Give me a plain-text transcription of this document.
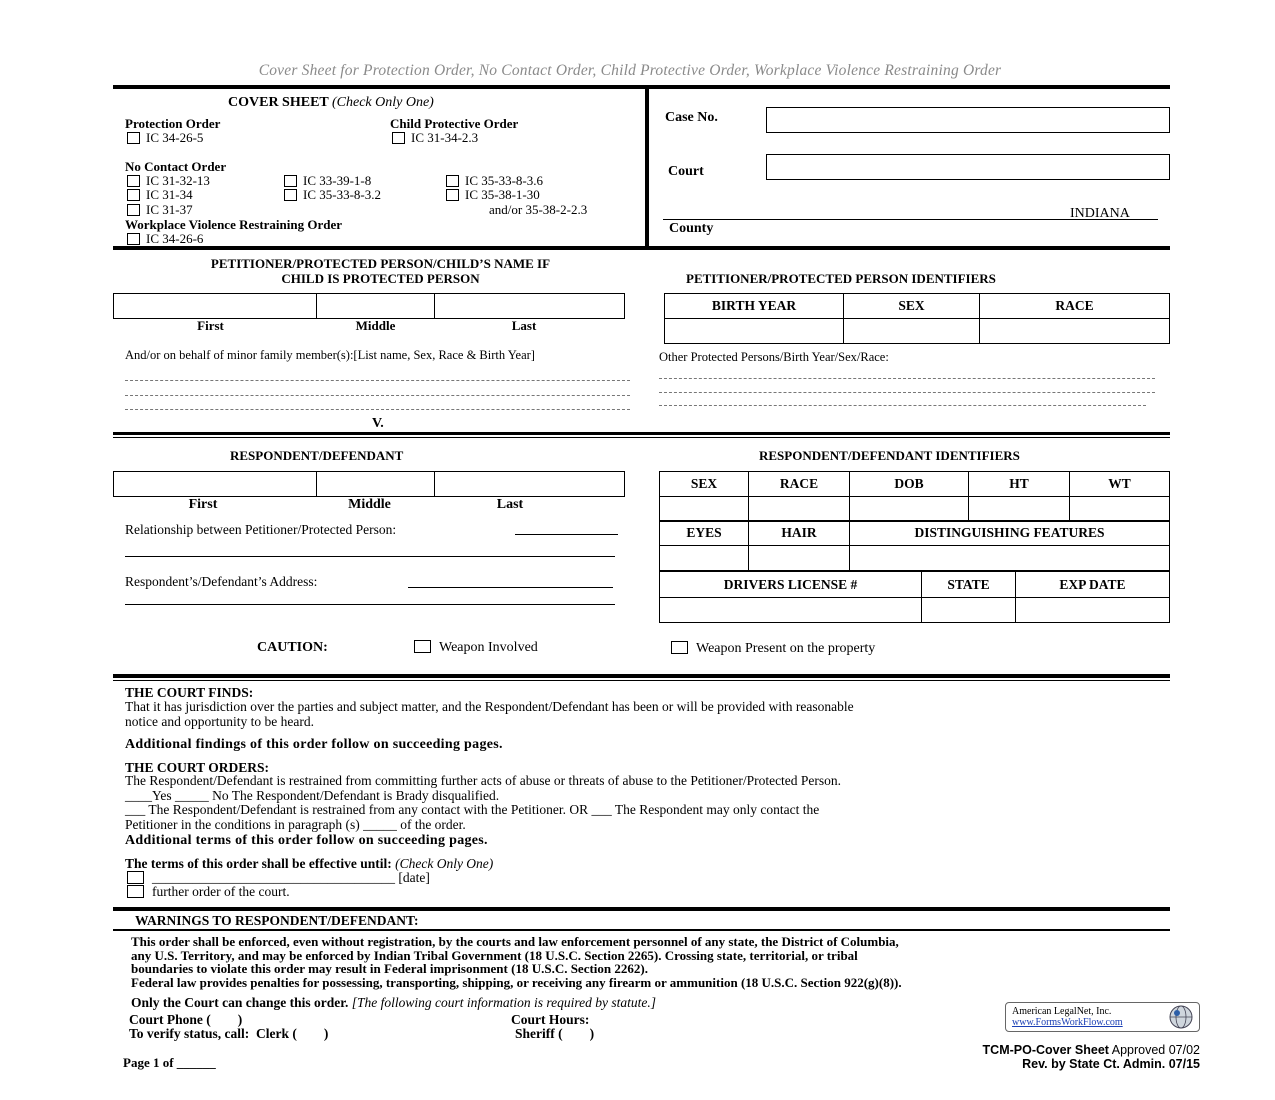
Cover Sheet for Protection Order, No Contact Order, Child Protective Order, Workplace Violence Restraining Order
COVER SHEET (Check Only One)
Protection Order
IC 34-26-5
Child Protective Order
IC 31-34-2.3
No Contact Order
IC 31-32-13
IC 31-34
IC 31-37
IC 33-39-1-8
IC 35-33-8-3.2
IC 35-33-8-3.6
IC 35-38-1-30
and/or 35-38-2-2.3
Workplace Violence Restraining Order
IC 34-26-6
Case No.
Court
INDIANA
County
PETITIONER/PROTECTED PERSON/CHILD’S NAME IF
CHILD IS PROTECTED PERSON
First	Middle	Last
And/or on behalf of minor family member(s):[List name, Sex, Race & Birth Year]
V.
PETITIONER/PROTECTED PERSON IDENTIFIERS
BIRTH YEAR	SEX	RACE

Other Protected Persons/Birth Year/Sex/Race:
RESPONDENT/DEFENDANT
First	Middle	Last
Relationship between Petitioner/Protected Person:
Respondent’s/Defendant’s Address:
RESPONDENT/DEFENDANT IDENTIFIERS
SEX	RACE	DOB	HT	WT

EYES	HAIR	DISTINGUISHING FEATURES

DRIVERS LICENSE #	STATE	EXP DATE

CAUTION:	Weapon Involved	Weapon Present on the property
THE COURT FINDS:
That it has jurisdiction over the parties and subject matter, and the Respondent/Defendant has been or will be provided with reasonable
notice and opportunity to be heard.
Additional findings of this order follow on succeeding pages.
THE COURT ORDERS:
The Respondent/Defendant is restrained from committing further acts of abuse or threats of abuse to the Petitioner/Protected Person.
____Yes _____ No The Respondent/Defendant is Brady disqualified.
___ The Respondent/Defendant is restrained from any contact with the Petitioner. OR ___ The Respondent may only contact the
Petitioner in the conditions in paragraph (s) _____ of the order.
Additional terms of this order follow on succeeding pages.
The terms of this order shall be effective until: (Check Only One)
____________________________________ [date]
further order of the court.
WARNINGS TO RESPONDENT/DEFENDANT:
This order shall be enforced, even without registration, by the courts and law enforcement personnel of any state, the District of Columbia,
any U.S. Territory, and may be enforced by Indian Tribal Government (18 U.S.C. Section 2265). Crossing state, territorial, or tribal
boundaries to violate this order may result in Federal imprisonment (18 U.S.C. Section 2262).
Federal law provides penalties for possessing, transporting, shipping, or receiving any firearm or ammunition (18 U.S.C. Section 922(g)(8)).
Only the Court can change this order. [The following court information is required by statute.]
Court Phone (        )	Court Hours:
To verify status, call:  Clerk (        )	Sheriff (        )
Page 1 of ______
American LegalNet, Inc.
www.FormsWorkFlow.com
TCM-PO-Cover Sheet Approved 07/02
Rev. by State Ct. Admin. 07/15
